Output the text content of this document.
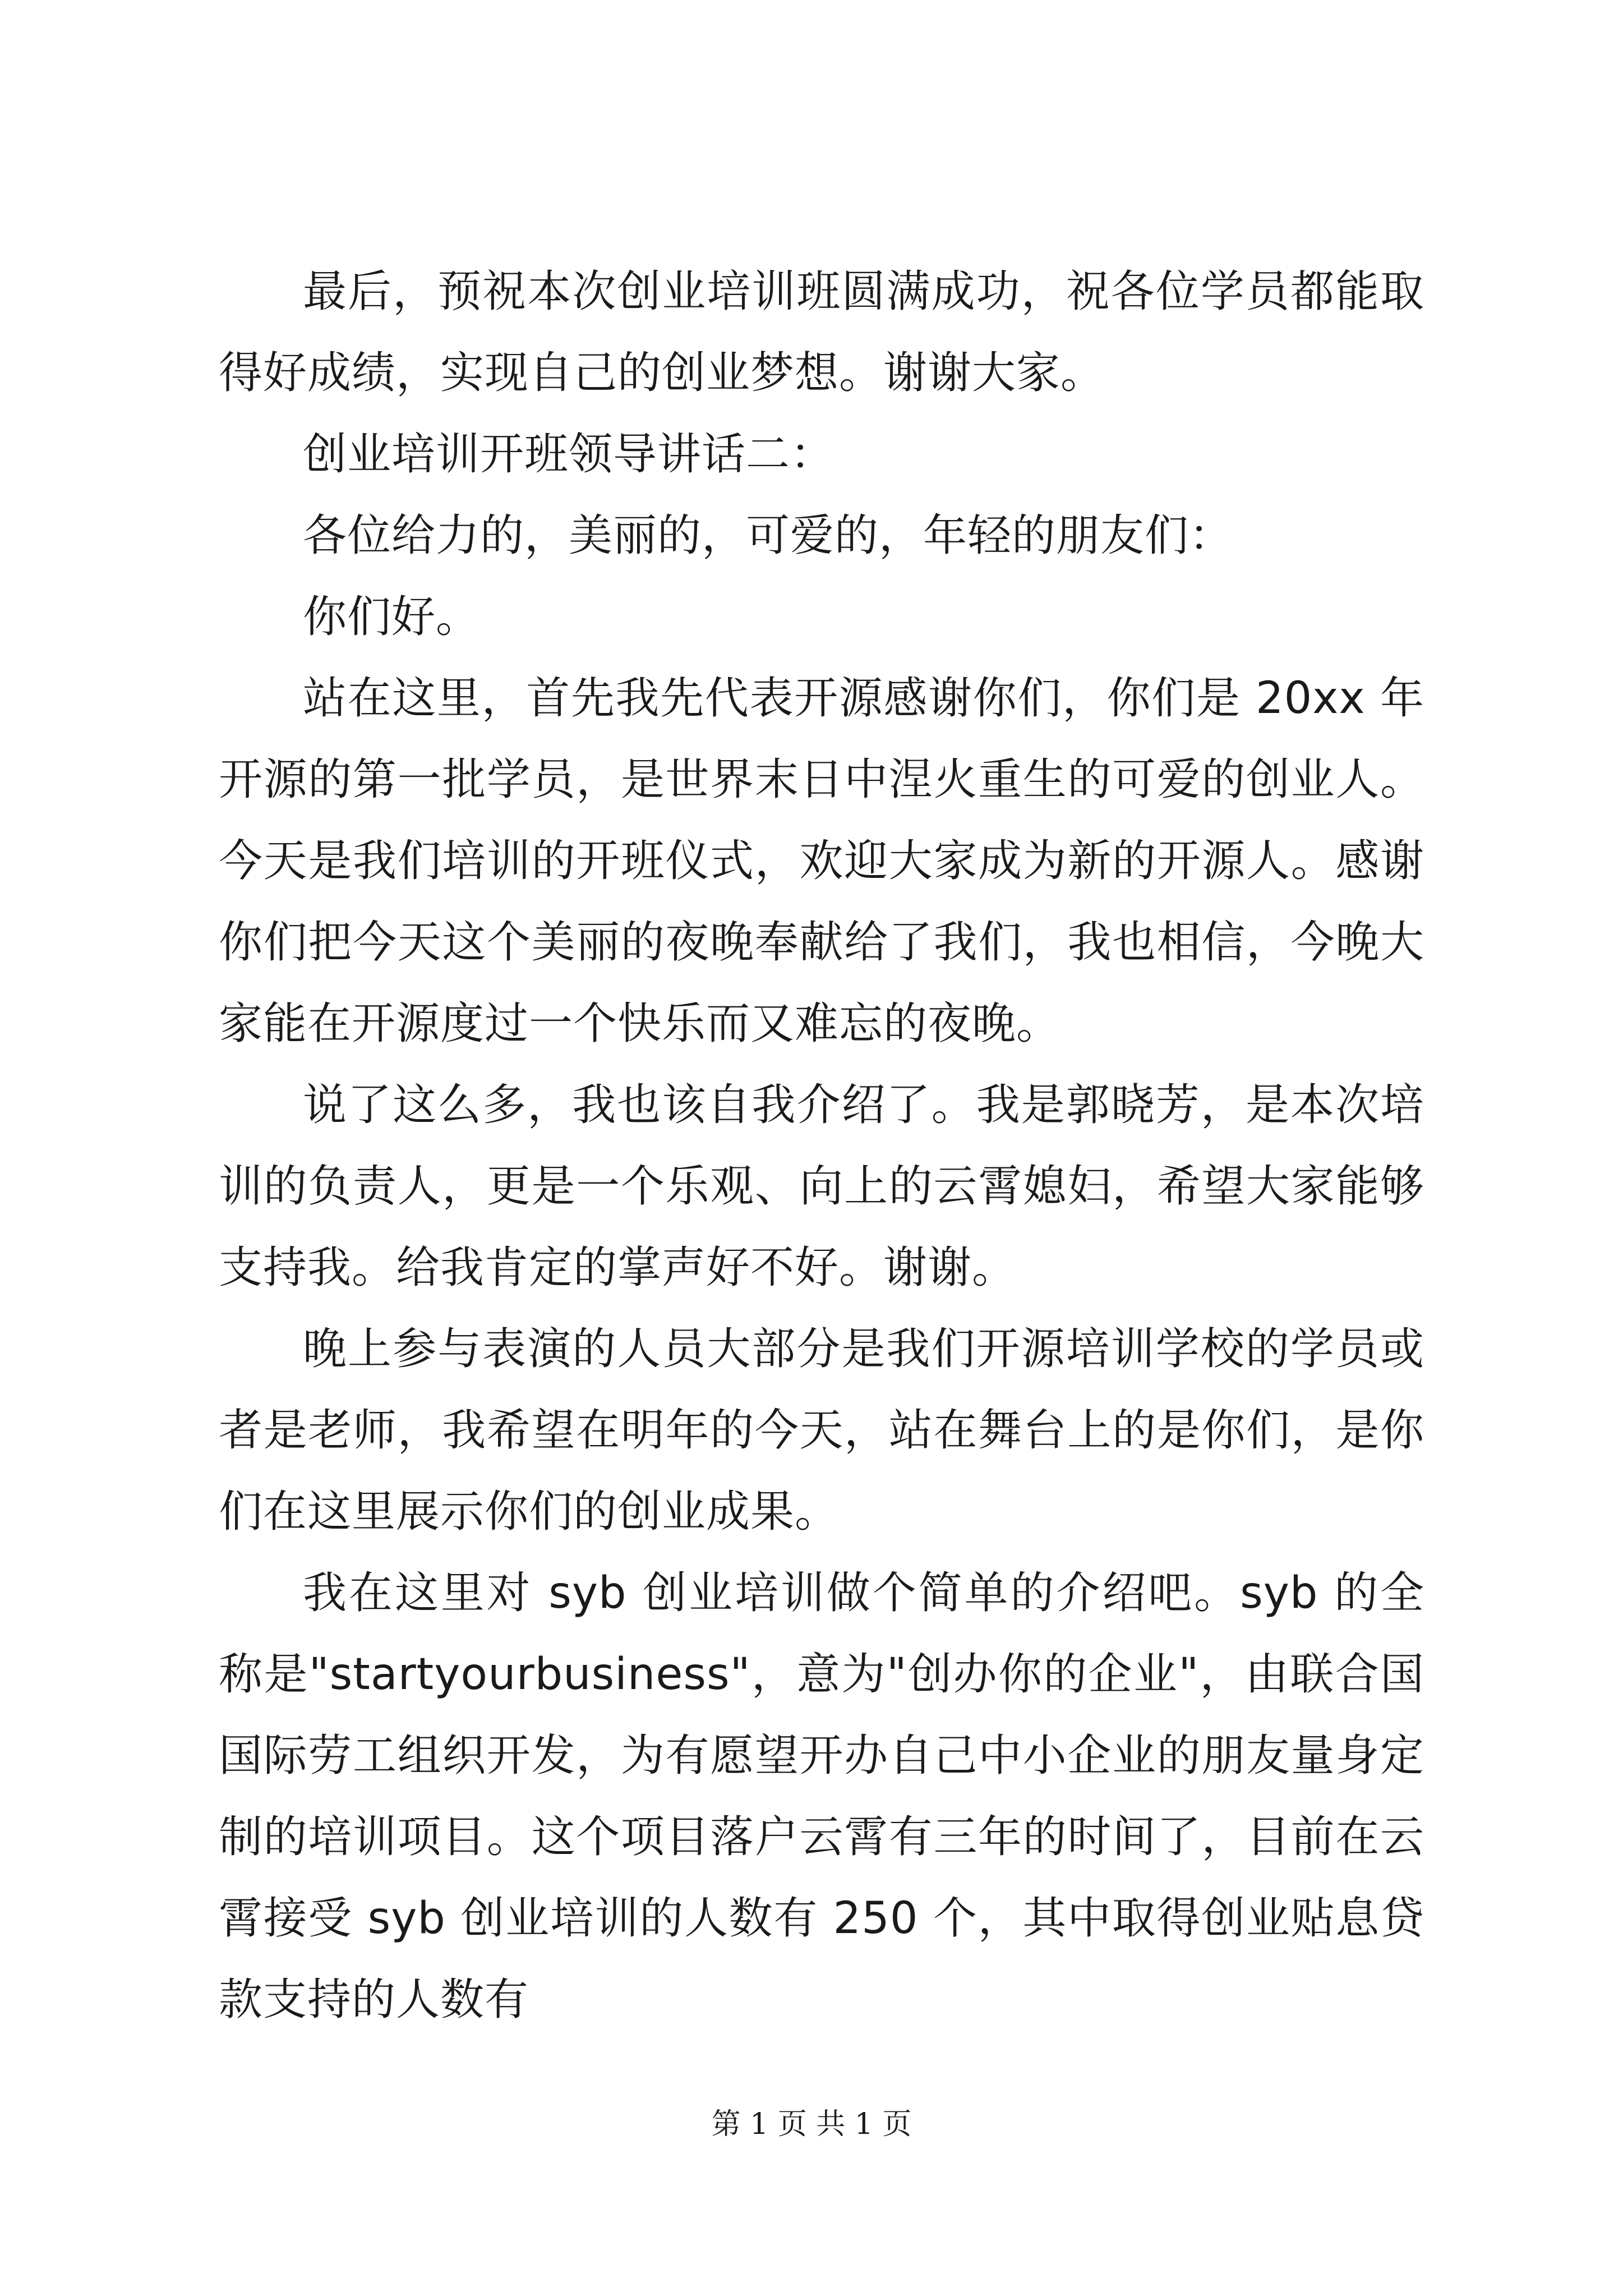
最后，预祝本次创业培训班圆满成功，祝各位学员都能取得好成绩，实现自己的创业梦想。谢谢大家。

创业培训开班领导讲话二：

各位给力的，美丽的，可爱的，年轻的朋友们：

你们好。

站在这里，首先我先代表开源感谢你们，你们是 20xx 年开源的第一批学员，是世界末日中涅火重生的可爱的创业人。今天是我们培训的开班仪式，欢迎大家成为新的开源人。感谢你们把今天这个美丽的夜晚奉献给了我们，我也相信，今晚大家能在开源度过一个快乐而又难忘的夜晚。

说了这么多，我也该自我介绍了。我是郭晓芳，是本次培训的负责人，更是一个乐观、向上的云霄媳妇，希望大家能够支持我。给我肯定的掌声好不好。谢谢。

晚上参与表演的人员大部分是我们开源培训学校的学员或者是老师，我希望在明年的今天，站在舞台上的是你们，是你们在这里展示你们的创业成果。

我在这里对 syb 创业培训做个简单的介绍吧。syb 的全称是"startyourbusiness"，意为"创办你的企业"，由联合国国际劳工组织开发，为有愿望开办自己中小企业的朋友量身定制的培训项目。这个项目落户云霄有三年的时间了，目前在云霄接受 syb 创业培训的人数有 250 个，其中取得创业贴息贷款支持的人数有

第 1 页 共 1 页
